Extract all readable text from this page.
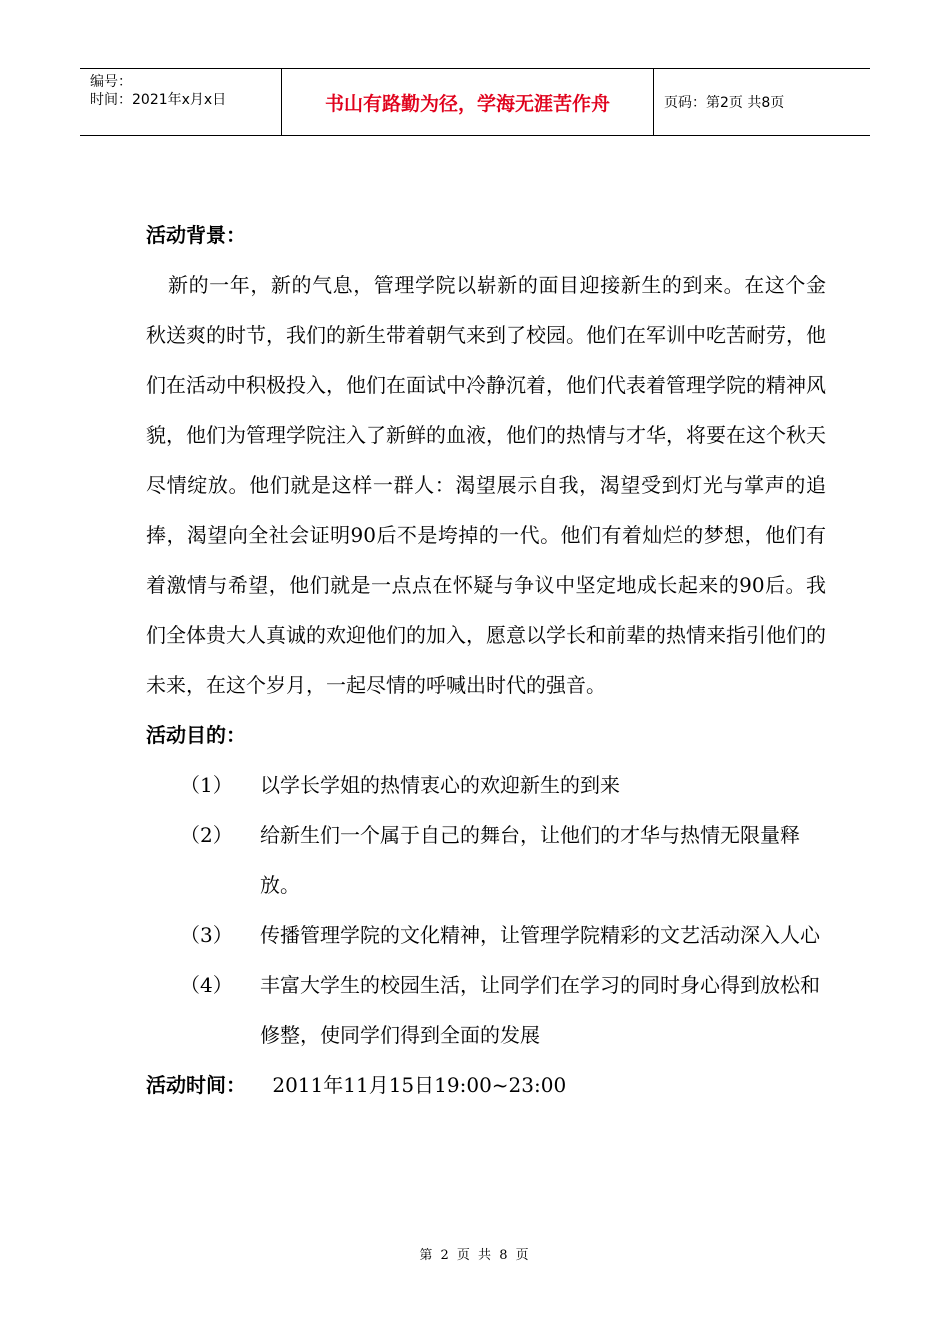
编号：
时间：2021年x月x日	书山有路勤为径，学海无涯苦作舟	页码：第2页 共8页
活动背景：
新的一年，新的气息，管理学院以崭新的面目迎接新生的到来。在这个金秋送爽的时节，我们的新生带着朝气来到了校园。他们在军训中吃苦耐劳，他们在活动中积极投入，他们在面试中冷静沉着，他们代表着管理学院的精神风貌，他们为管理学院注入了新鲜的血液，他们的热情与才华，将要在这个秋天尽情绽放。他们就是这样一群人：渴望展示自我，渴望受到灯光与掌声的追捧，渴望向全社会证明90后不是垮掉的一代。他们有着灿烂的梦想，他们有着激情与希望，他们就是一点点在怀疑与争议中坚定地成长起来的90后。我们全体贵大人真诚的欢迎他们的加入，愿意以学长和前辈的热情来指引他们的未来，在这个岁月，一起尽情的呼喊出时代的强音。
活动目的：
（1） 以学长学姐的热情衷心的欢迎新生的到来
（2） 给新生们一个属于自己的舞台，让他们的才华与热情无限量释放。
（3） 传播管理学院的文化精神，让管理学院精彩的文艺活动深入人心
（4） 丰富大学生的校园生活，让同学们在学习的同时身心得到放松和修整，使同学们得到全面的发展
活动时间： 2011年11月15日19:00~23:00
第 2 页 共 8 页
